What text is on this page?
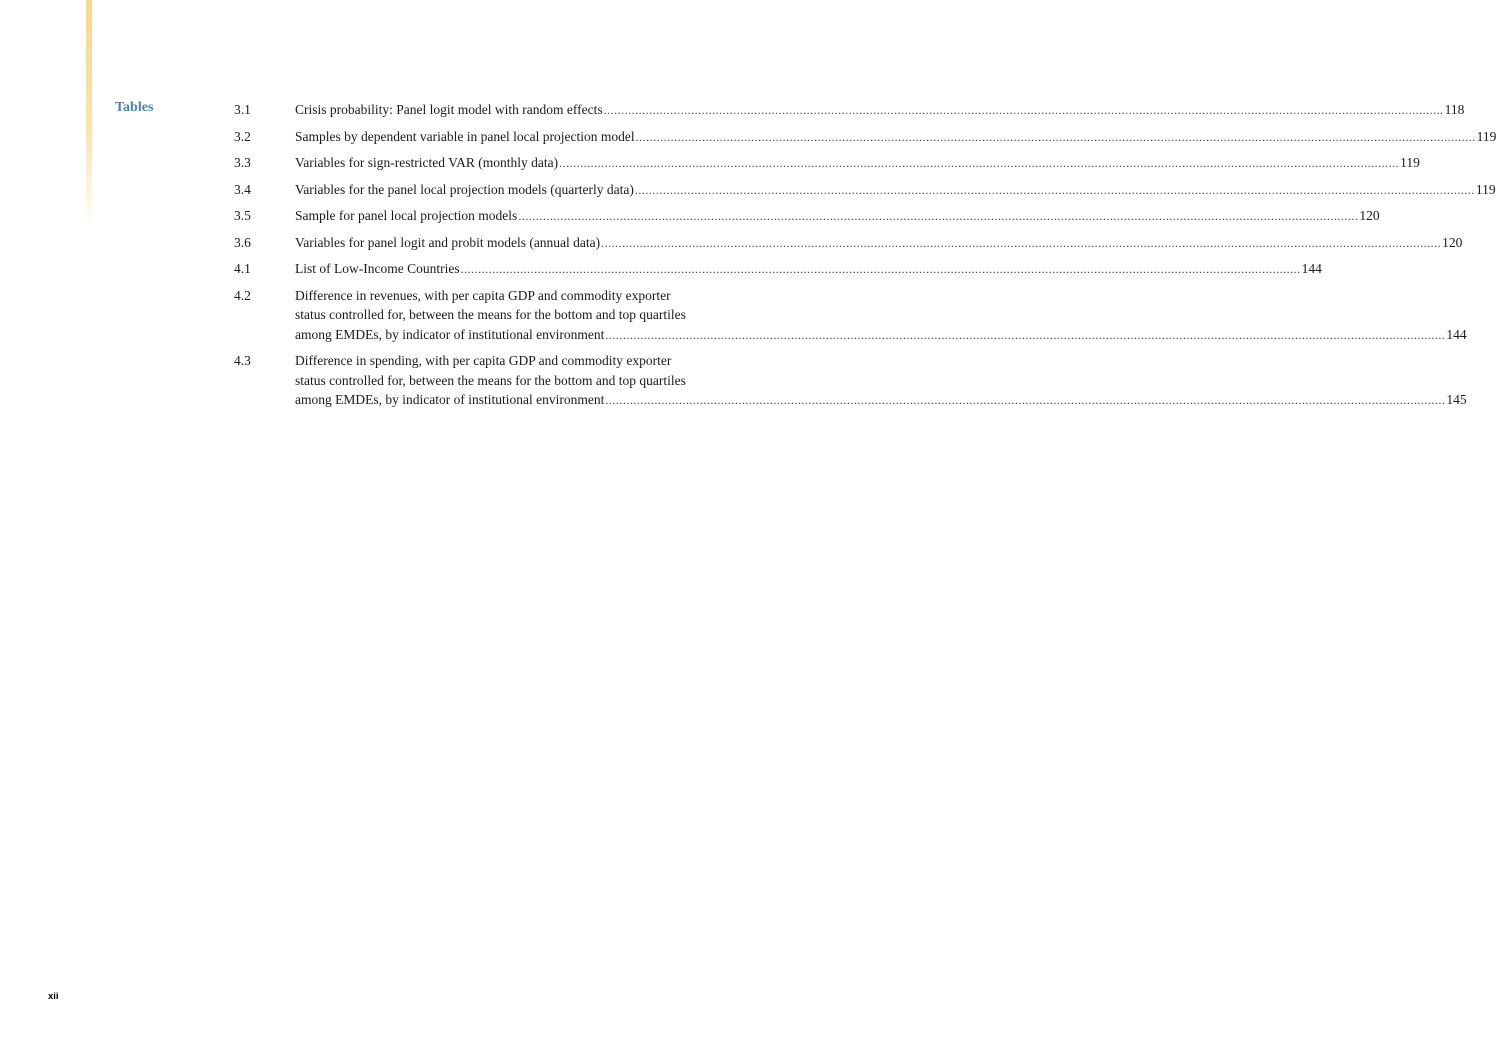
Tables	3.1	Crisis probability: Panel logit model with random effects .....	118
3.2	Samples by dependent variable in panel local projection model .....	119
3.3	Variables for sign-restricted VAR (monthly data) .....	119
3.4	Variables for the panel local projection models (quarterly data) .....	119
3.5	Sample for panel local projection models .....	120
3.6	Variables for panel logit and probit models (annual data) .....	120
4.1	List of Low-Income Countries .....	144
4.2	Difference in revenues, with per capita GDP and commodity exporter
status controlled for, between the means for the bottom and top quartiles
among EMDEs, by indicator of institutional environment .....	144
4.3	Difference in spending, with per capita GDP and commodity exporter
status controlled for, between the means for the bottom and top quartiles
among EMDEs, by indicator of institutional environment .....	145
xii
